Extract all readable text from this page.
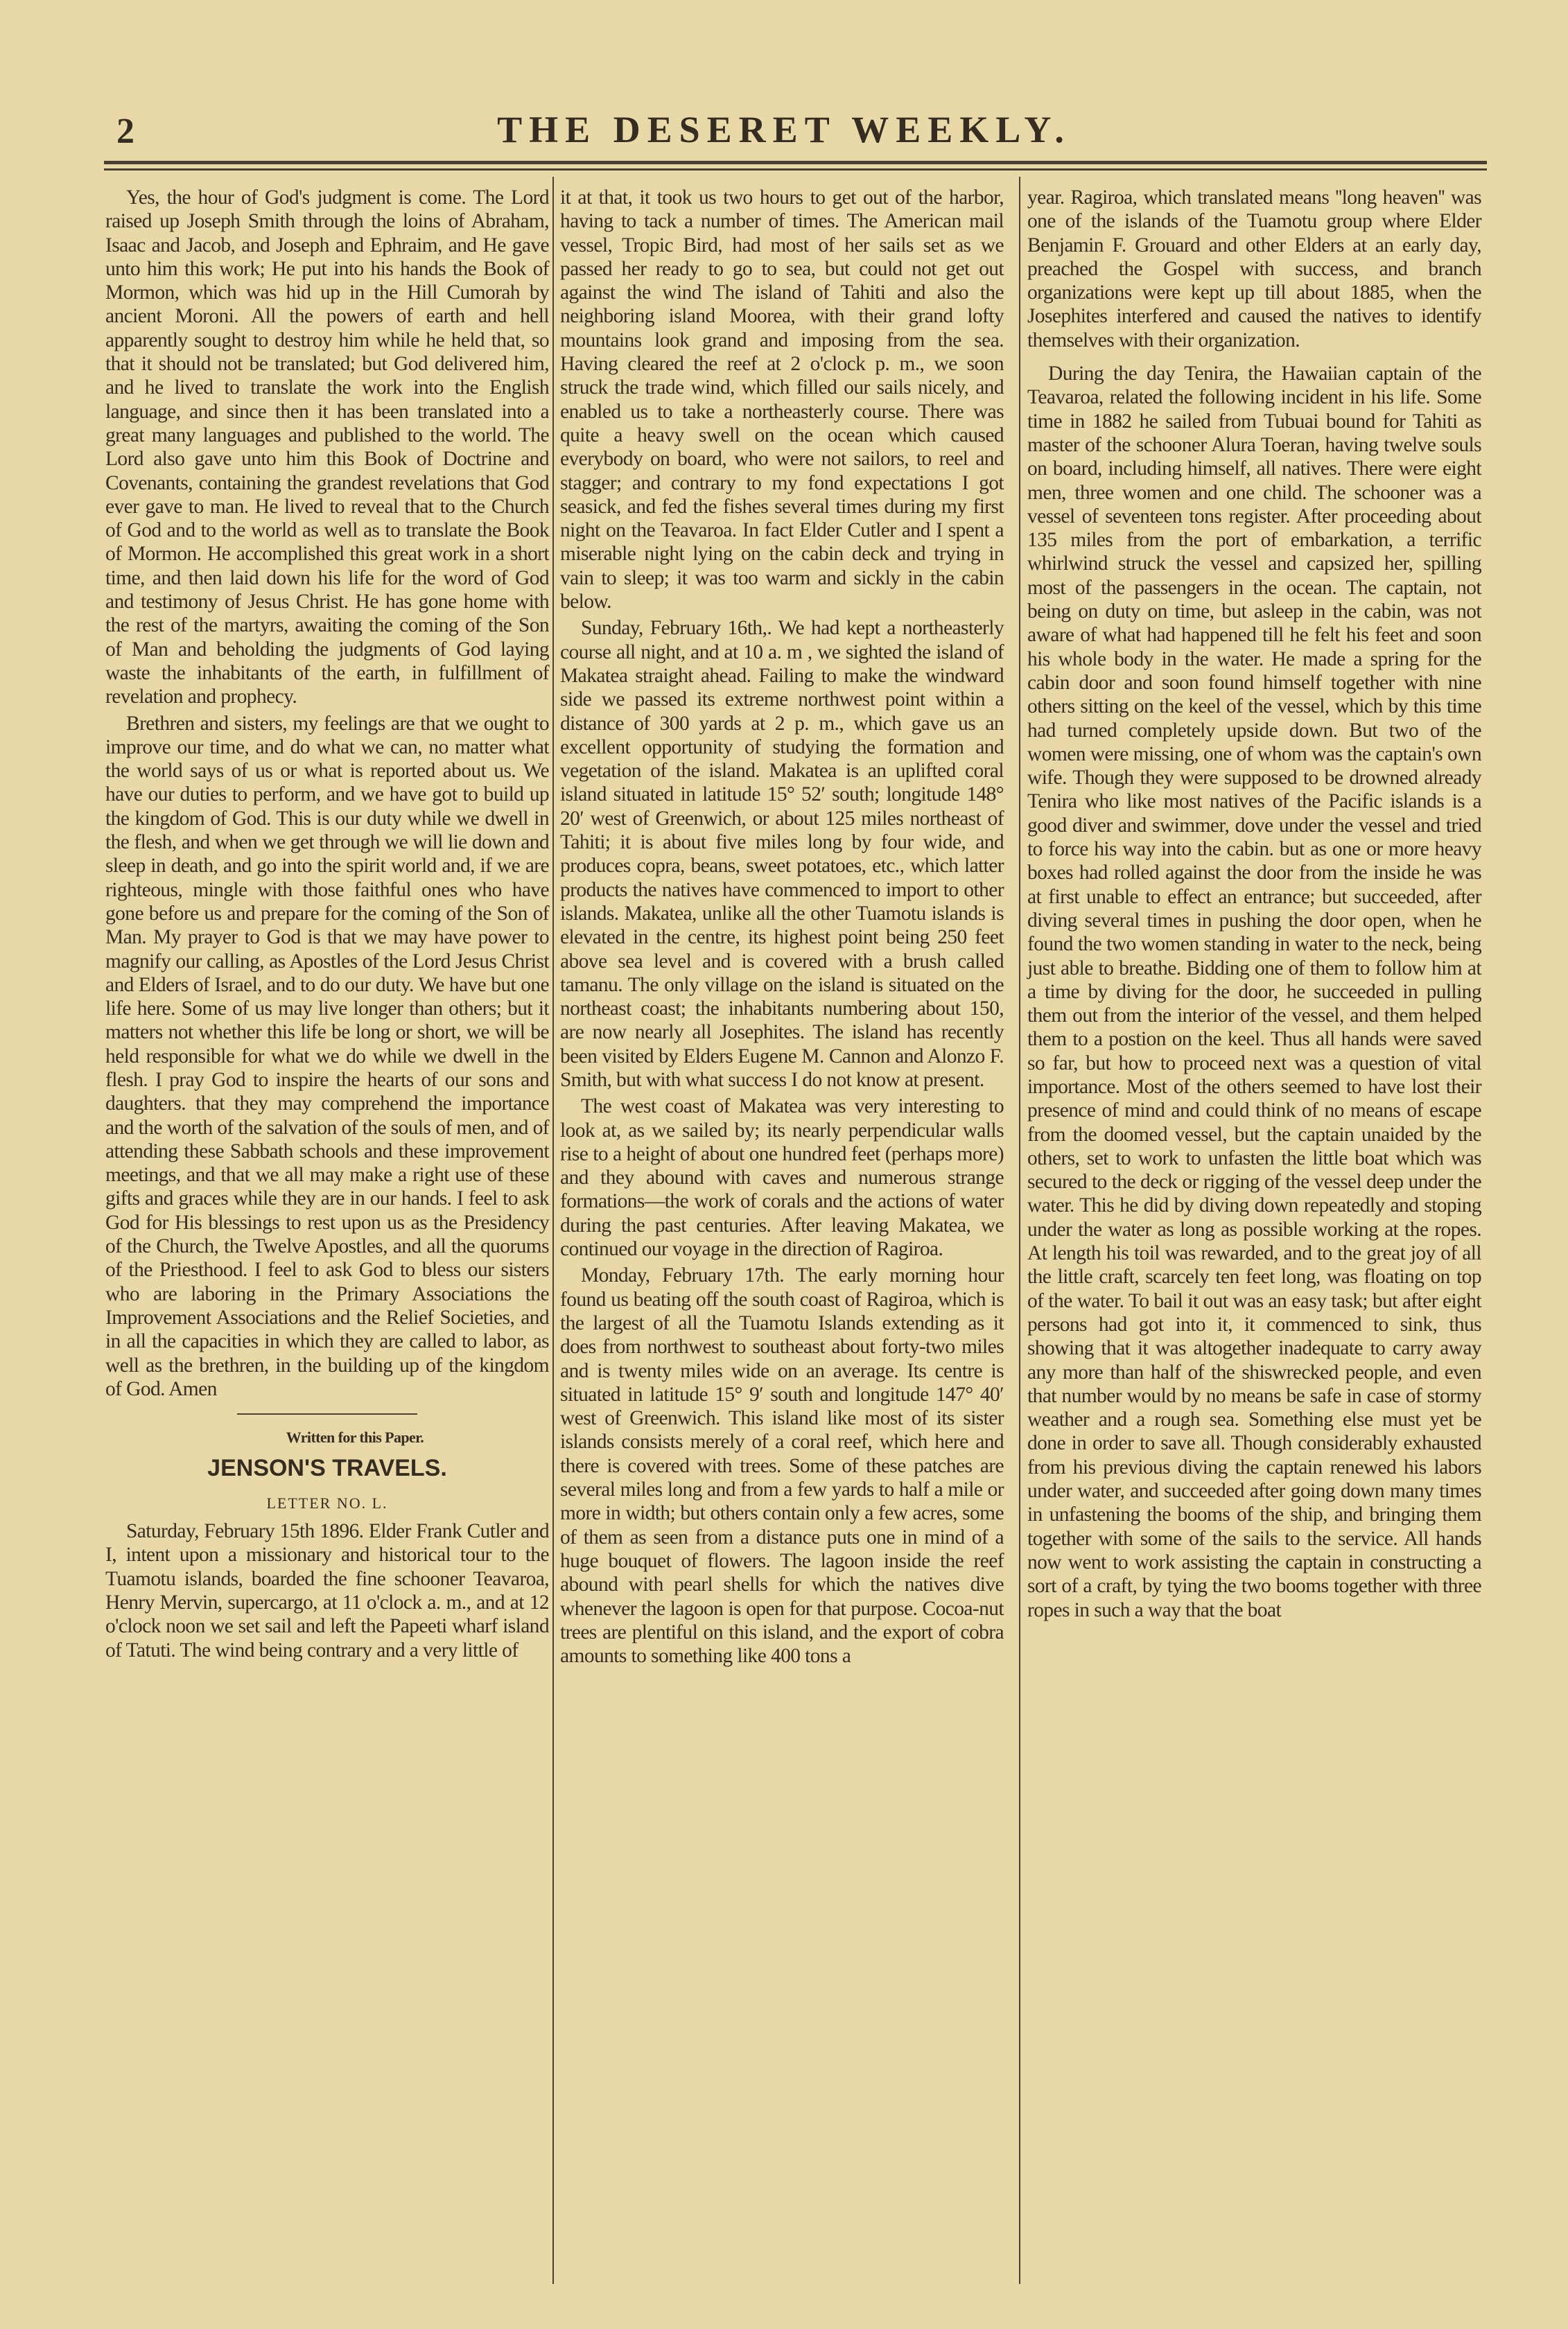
2	THE DESERET WEEKLY.

Yes, the hour of God's judgment is come. The Lord raised up Joseph Smith through the loins of Abraham, Isaac and Jacob, and Joseph and Ephraim, and He gave unto him this work; He put into his hands the Book of Mormon, which was hid up in the Hill Cumorah by ancient Moroni. All the powers of earth and hell apparently sought to destroy him while he held that, so that it should not be translated; but God delivered him, and he lived to translate the work into the English language, and since then it has been translated into a great many languages and published to the world. The Lord also gave unto him this Book of Doctrine and Covenants, containing the grandest revelations that God ever gave to man. He lived to reveal that to the Church of God and to the world as well as to translate the Book of Mormon. He accomplished this great work in a short time, and then laid down his life for the word of God and testimony of Jesus Christ. He has gone home with the rest of the martyrs, awaiting the coming of the Son of Man and beholding the judgments of God laying waste the inhabitants of the earth, in fulfillment of revelation and prophecy.

Brethren and sisters, my feelings are that we ought to improve our time, and do what we can, no matter what the world says of us or what is reported about us. We have our duties to perform, and we have got to build up the kingdom of God. This is our duty while we dwell in the flesh, and when we get through we will lie down and sleep in death, and go into the spirit world and, if we are righteous, mingle with those faithful ones who have gone before us and prepare for the coming of the Son of Man. My prayer to God is that we may have power to magnify our calling, as Apostles of the Lord Jesus Christ and Elders of Israel, and to do our duty. We have but one life here. Some of us may live longer than others; but it matters not whether this life be long or short, we will be held responsible for what we do while we dwell in the flesh. I pray God to inspire the hearts of our sons and daughters. that they may comprehend the importance and the worth of the salvation of the souls of men, and of attending these Sabbath schools and these improvement meetings, and that we all may make a right use of these gifts and graces while they are in our hands. I feel to ask God for His blessings to rest upon us as the Presidency of the Church, the Twelve Apostles, and all the quorums of the Priesthood. I feel to ask God to bless our sisters who are laboring in the Primary Associations the Improvement Associations and the Relief Societies, and in all the capacities in which they are called to labor, as well as the brethren, in the building up of the kingdom of God. Amen

Written for this Paper.

JENSON'S TRAVELS.

LETTER NO. L.

Saturday, February 15th 1896. Elder Frank Cutler and I, intent upon a missionary and historical tour to the Tuamotu islands, boarded the fine schooner Teavaroa, Henry Mervin, supercargo, at 11 o'clock a. m., and at 12 o'clock noon we set sail and left the Papeeti wharf island of Tatuti. The wind being contrary and a very little of

it at that, it took us two hours to get out of the harbor, having to tack a number of times. The American mail vessel, Tropic Bird, had most of her sails set as we passed her ready to go to sea, but could not get out against the wind The island of Tahiti and also the neighboring island Moorea, with their grand lofty mountains look grand and imposing from the sea. Having cleared the reef at 2 o'clock p. m., we soon struck the trade wind, which filled our sails nicely, and enabled us to take a northeasterly course. There was quite a heavy swell on the ocean which caused everybody on board, who were not sailors, to reel and stagger; and contrary to my fond expectations I got seasick, and fed the fishes several times during my first night on the Teavaroa. In fact Elder Cutler and I spent a miserable night lying on the cabin deck and trying in vain to sleep; it was too warm and sickly in the cabin below.

Sunday, February 16th,. We had kept a northeasterly course all night, and at 10 a. m , we sighted the island of Makatea straight ahead. Failing to make the windward side we passed its extreme northwest point within a distance of 300 yards at 2 p. m., which gave us an excellent opportunity of studying the formation and vegetation of the island. Makatea is an uplifted coral island situated in latitude 15° 52′ south; longitude 148° 20′ west of Greenwich, or about 125 miles northeast of Tahiti; it is about five miles long by four wide, and produces copra, beans, sweet potatoes, etc., which latter products the natives have commenced to import to other islands. Makatea, unlike all the other Tuamotu islands is elevated in the centre, its highest point being 250 feet above sea level and is covered with a brush called tamanu. The only village on the island is situated on the northeast coast; the inhabitants numbering about 150, are now nearly all Josephites. The island has recently been visited by Elders Eugene M. Cannon and Alonzo F. Smith, but with what success I do not know at present.

The west coast of Makatea was very interesting to look at, as we sailed by; its nearly perpendicular walls rise to a height of about one hundred feet (perhaps more) and they abound with caves and numerous strange formations—the work of corals and the actions of water during the past centuries. After leaving Makatea, we continued our voyage in the direction of Ragiroa.

Monday, February 17th. The early morning hour found us beating off the south coast of Ragiroa, which is the largest of all the Tuamotu Islands extending as it does from northwest to southeast about forty-two miles and is twenty miles wide on an average. Its centre is situated in latitude 15° 9′ south and longitude 147° 40′ west of Greenwich. This island like most of its sister islands consists merely of a coral reef, which here and there is covered with trees. Some of these patches are several miles long and from a few yards to half a mile or more in width; but others contain only a few acres, some of them as seen from a distance puts one in mind of a huge bouquet of flowers. The lagoon inside the reef abound with pearl shells for which the natives dive whenever the lagoon is open for that purpose. Cocoa-nut trees are plentiful on this island, and the export of cobra amounts to something like 400 tons a

year. Ragiroa, which translated means ''long heaven'' was one of the islands of the Tuamotu group where Elder Benjamin F. Grouard and other Elders at an early day, preached the Gospel with success, and branch organizations were kept up till about 1885, when the Josephites interfered and caused the natives to identify themselves with their organization.

During the day Tenira, the Hawaiian captain of the Teavaroa, related the following incident in his life. Some time in 1882 he sailed from Tubuai bound for Tahiti as master of the schooner Alura Toeran, having twelve souls on board, including himself, all natives. There were eight men, three women and one child. The schooner was a vessel of seventeen tons register. After proceeding about 135 miles from the port of embarkation, a terrific whirlwind struck the vessel and capsized her, spilling most of the passengers in the ocean. The captain, not being on duty on time, but asleep in the cabin, was not aware of what had happened till he felt his feet and soon his whole body in the water. He made a spring for the cabin door and soon found himself together with nine others sitting on the keel of the vessel, which by this time had turned completely upside down. But two of the women were missing, one of whom was the captain's own wife. Though they were supposed to be drowned already Tenira who like most natives of the Pacific islands is a good diver and swimmer, dove under the vessel and tried to force his way into the cabin. but as one or more heavy boxes had rolled against the door from the inside he was at first unable to effect an entrance; but succeeded, after diving several times in pushing the door open, when he found the two women standing in water to the neck, being just able to breathe. Bidding one of them to follow him at a time by diving for the door, he succeeded in pulling them out from the interior of the vessel, and them helped them to a postion on the keel. Thus all hands were saved so far, but how to proceed next was a question of vital importance. Most of the others seemed to have lost their presence of mind and could think of no means of escape from the doomed vessel, but the captain unaided by the others, set to work to unfasten the little boat which was secured to the deck or rigging of the vessel deep under the water. This he did by diving down repeatedly and stoping under the water as long as possible working at the ropes. At length his toil was rewarded, and to the great joy of all the little craft, scarcely ten feet long, was floating on top of the water. To bail it out was an easy task; but after eight persons had got into it, it commenced to sink, thus showing that it was altogether inadequate to carry away any more than half of the shiswrecked people, and even that number would by no means be safe in case of stormy weather and a rough sea. Something else must yet be done in order to save all. Though considerably exhausted from his previous diving the captain renewed his labors under water, and succeeded after going down many times in unfastening the booms of the ship, and bringing them together with some of the sails to the service. All hands now went to work assisting the captain in constructing a sort of a craft, by tying the two booms together with three ropes in such a way that the boat
